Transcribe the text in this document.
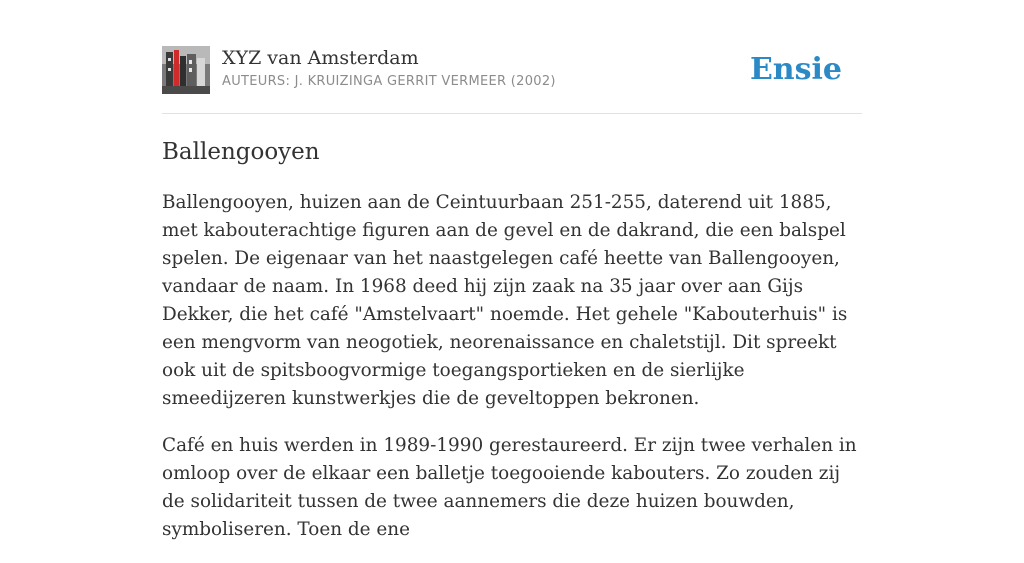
XYZ van Amsterdam
AUTEURS: J. KRUIZINGA GERRIT VERMEER (2002)	Ensie
Ballengooyen

Ballengooyen, huizen aan de Ceintuurbaan 251-255, daterend uit 1885, met kabouterachtige figuren aan de gevel en de dakrand, die een balspel spelen. De eigenaar van het naastgelegen café heette van Ballengooyen, vandaar de naam. In 1968 deed hij zijn zaak na 35 jaar over aan Gijs Dekker, die het café "Amstelvaart" noemde. Het gehele "Kabouterhuis" is een mengvorm van neogotiek, neorenaissance en chaletstijl. Dit spreekt ook uit de spitsboogvormige toegangsportieken en de sierlijke smeedijzeren kunstwerkjes die de geveltoppen bekronen.

Café en huis werden in 1989-1990 gerestaureerd. Er zijn twee verhalen in omloop over de elkaar een balletje toegooiende kabouters. Zo zouden zij de solidariteit tussen de twee aannemers die deze huizen bouwden, symboliseren. Toen de ene
